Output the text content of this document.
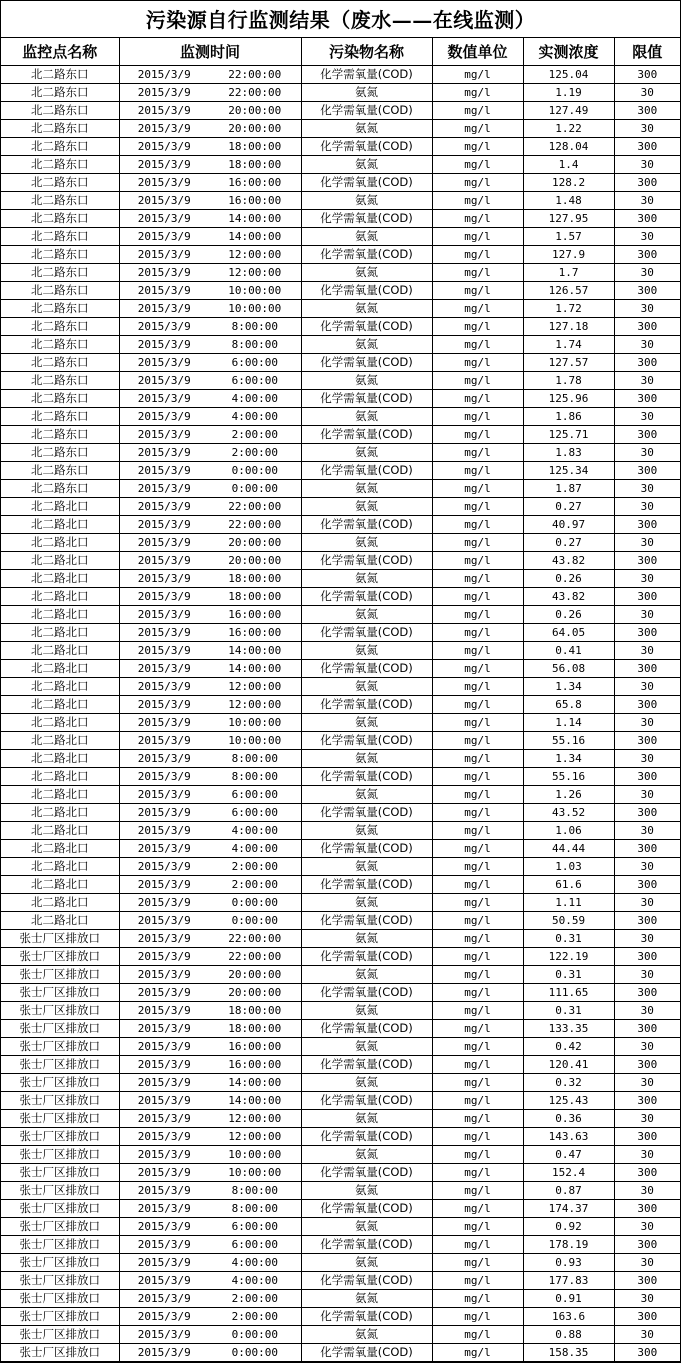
污染源自行监测结果（废水——在线监测）
监控点名称	监测时间		污染物名称	数值单位	实测浓度	限值
北二路东口	2015/3/9	22:00:00	化学需氧量(COD)	mg/l	125.04	300
北二路东口	2015/3/9	22:00:00	氨氮	mg/l	1.19	30
北二路东口	2015/3/9	20:00:00	化学需氧量(COD)	mg/l	127.49	300
北二路东口	2015/3/9	20:00:00	氨氮	mg/l	1.22	30
北二路东口	2015/3/9	18:00:00	化学需氧量(COD)	mg/l	128.04	300
北二路东口	2015/3/9	18:00:00	氨氮	mg/l	1.4	30
北二路东口	2015/3/9	16:00:00	化学需氧量(COD)	mg/l	128.2	300
北二路东口	2015/3/9	16:00:00	氨氮	mg/l	1.48	30
北二路东口	2015/3/9	14:00:00	化学需氧量(COD)	mg/l	127.95	300
北二路东口	2015/3/9	14:00:00	氨氮	mg/l	1.57	30
北二路东口	2015/3/9	12:00:00	化学需氧量(COD)	mg/l	127.9	300
北二路东口	2015/3/9	12:00:00	氨氮	mg/l	1.7	30
北二路东口	2015/3/9	10:00:00	化学需氧量(COD)	mg/l	126.57	300
北二路东口	2015/3/9	10:00:00	氨氮	mg/l	1.72	30
北二路东口	2015/3/9	8:00:00	化学需氧量(COD)	mg/l	127.18	300
北二路东口	2015/3/9	8:00:00	氨氮	mg/l	1.74	30
北二路东口	2015/3/9	6:00:00	化学需氧量(COD)	mg/l	127.57	300
北二路东口	2015/3/9	6:00:00	氨氮	mg/l	1.78	30
北二路东口	2015/3/9	4:00:00	化学需氧量(COD)	mg/l	125.96	300
北二路东口	2015/3/9	4:00:00	氨氮	mg/l	1.86	30
北二路东口	2015/3/9	2:00:00	化学需氧量(COD)	mg/l	125.71	300
北二路东口	2015/3/9	2:00:00	氨氮	mg/l	1.83	30
北二路东口	2015/3/9	0:00:00	化学需氧量(COD)	mg/l	125.34	300
北二路东口	2015/3/9	0:00:00	氨氮	mg/l	1.87	30
北二路北口	2015/3/9	22:00:00	氨氮	mg/l	0.27	30
北二路北口	2015/3/9	22:00:00	化学需氧量(COD)	mg/l	40.97	300
北二路北口	2015/3/9	20:00:00	氨氮	mg/l	0.27	30
北二路北口	2015/3/9	20:00:00	化学需氧量(COD)	mg/l	43.82	300
北二路北口	2015/3/9	18:00:00	氨氮	mg/l	0.26	30
北二路北口	2015/3/9	18:00:00	化学需氧量(COD)	mg/l	43.82	300
北二路北口	2015/3/9	16:00:00	氨氮	mg/l	0.26	30
北二路北口	2015/3/9	16:00:00	化学需氧量(COD)	mg/l	64.05	300
北二路北口	2015/3/9	14:00:00	氨氮	mg/l	0.41	30
北二路北口	2015/3/9	14:00:00	化学需氧量(COD)	mg/l	56.08	300
北二路北口	2015/3/9	12:00:00	氨氮	mg/l	1.34	30
北二路北口	2015/3/9	12:00:00	化学需氧量(COD)	mg/l	65.8	300
北二路北口	2015/3/9	10:00:00	氨氮	mg/l	1.14	30
北二路北口	2015/3/9	10:00:00	化学需氧量(COD)	mg/l	55.16	300
北二路北口	2015/3/9	8:00:00	氨氮	mg/l	1.34	30
北二路北口	2015/3/9	8:00:00	化学需氧量(COD)	mg/l	55.16	300
北二路北口	2015/3/9	6:00:00	氨氮	mg/l	1.26	30
北二路北口	2015/3/9	6:00:00	化学需氧量(COD)	mg/l	43.52	300
北二路北口	2015/3/9	4:00:00	氨氮	mg/l	1.06	30
北二路北口	2015/3/9	4:00:00	化学需氧量(COD)	mg/l	44.44	300
北二路北口	2015/3/9	2:00:00	氨氮	mg/l	1.03	30
北二路北口	2015/3/9	2:00:00	化学需氧量(COD)	mg/l	61.6	300
北二路北口	2015/3/9	0:00:00	氨氮	mg/l	1.11	30
北二路北口	2015/3/9	0:00:00	化学需氧量(COD)	mg/l	50.59	300
张士厂区排放口	2015/3/9	22:00:00	氨氮	mg/l	0.31	30
张士厂区排放口	2015/3/9	22:00:00	化学需氧量(COD)	mg/l	122.19	300
张士厂区排放口	2015/3/9	20:00:00	氨氮	mg/l	0.31	30
张士厂区排放口	2015/3/9	20:00:00	化学需氧量(COD)	mg/l	111.65	300
张士厂区排放口	2015/3/9	18:00:00	氨氮	mg/l	0.31	30
张士厂区排放口	2015/3/9	18:00:00	化学需氧量(COD)	mg/l	133.35	300
张士厂区排放口	2015/3/9	16:00:00	氨氮	mg/l	0.42	30
张士厂区排放口	2015/3/9	16:00:00	化学需氧量(COD)	mg/l	120.41	300
张士厂区排放口	2015/3/9	14:00:00	氨氮	mg/l	0.32	30
张士厂区排放口	2015/3/9	14:00:00	化学需氧量(COD)	mg/l	125.43	300
张士厂区排放口	2015/3/9	12:00:00	氨氮	mg/l	0.36	30
张士厂区排放口	2015/3/9	12:00:00	化学需氧量(COD)	mg/l	143.63	300
张士厂区排放口	2015/3/9	10:00:00	氨氮	mg/l	0.47	30
张士厂区排放口	2015/3/9	10:00:00	化学需氧量(COD)	mg/l	152.4	300
张士厂区排放口	2015/3/9	8:00:00	氨氮	mg/l	0.87	30
张士厂区排放口	2015/3/9	8:00:00	化学需氧量(COD)	mg/l	174.37	300
张士厂区排放口	2015/3/9	6:00:00	氨氮	mg/l	0.92	30
张士厂区排放口	2015/3/9	6:00:00	化学需氧量(COD)	mg/l	178.19	300
张士厂区排放口	2015/3/9	4:00:00	氨氮	mg/l	0.93	30
张士厂区排放口	2015/3/9	4:00:00	化学需氧量(COD)	mg/l	177.83	300
张士厂区排放口	2015/3/9	2:00:00	氨氮	mg/l	0.91	30
张士厂区排放口	2015/3/9	2:00:00	化学需氧量(COD)	mg/l	163.6	300
张士厂区排放口	2015/3/9	0:00:00	氨氮	mg/l	0.88	30
张士厂区排放口	2015/3/9	0:00:00	化学需氧量(COD)	mg/l	158.35	300
